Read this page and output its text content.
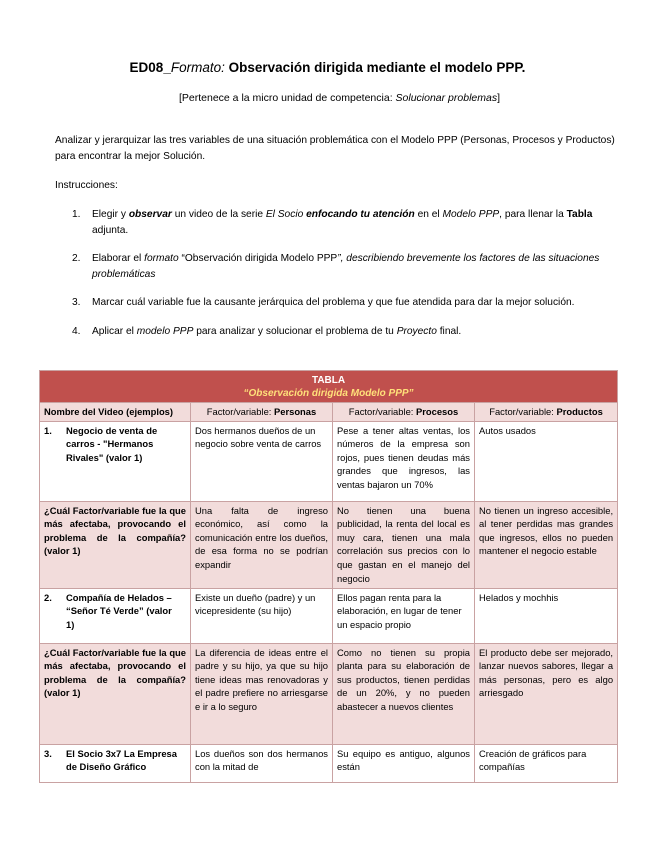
ED08_Formato: Observación dirigida mediante el modelo PPP.
[Pertenece a la micro unidad de competencia: Solucionar problemas]
Analizar y jerarquizar las tres variables de una situación problemática con el Modelo PPP (Personas, Procesos y Productos) para encontrar la mejor Solución.
Instrucciones:
1.	Elegir y observar un video de la serie El Socio enfocando tu atención en el Modelo PPP, para llenar la Tabla adjunta.
2.	Elaborar el formato “Observación dirigida Modelo PPP”, describiendo brevemente los factores de las situaciones problemáticas
3.	Marcar cuál variable fue la causante jerárquica del problema y que fue atendida para dar la mejor solución.
4.	Aplicar el modelo PPP para analizar y solucionar el problema de tu Proyecto final.
TABLA
“Observación dirigida Modelo PPP”			

Nombre del Video (ejemplos)	Factor/variable: Personas	Factor/variable: Procesos	Factor/variable: Productos
1. Negocio de venta de carros - "Hermanos Rivales" (valor 1)	Dos hermanos dueños de un negocio sobre venta de carros	Pese a tener altas ventas, los números de la empresa son rojos, pues tienen deudas más grandes que ingresos, las ventas bajaron un 70%	Autos usados
¿Cuál Factor/variable fue la que más afectaba, provocando el problema de la compañía? (valor 1)	Una falta de ingreso económico, así como la comunicación entre los dueños, de esa forma no se podrían expandir	No tienen una buena publicidad, la renta del local es muy cara, tienen una mala correlación sus precios con lo que gastan en el manejo del negocio	No tienen un ingreso accesible, al tener perdidas mas grandes que ingresos, ellos no pueden mantener el negocio estable
2. Compañía de Helados – “Señor Té Verde” (valor 1)	Existe un dueño (padre) y un vicepresidente (su hijo)	Ellos pagan renta para la elaboración, en lugar de tener un espacio propio	Helados y mochhis
¿Cuál Factor/variable fue la que más afectaba, provocando el problema de la compañía? (valor 1)	La diferencia de ideas entre el padre y su hijo, ya que su hijo tiene ideas mas renovadoras y el padre prefiere no arriesgarse e ir a lo seguro	Como no tienen su propia planta para su elaboración de sus productos, tienen perdidas de un 20%, y no pueden abastecer a nuevos clientes	El producto debe ser mejorado, lanzar nuevos sabores, llegar a más personas, pero es algo arriesgado
3. El Socio 3x7 La Empresa de Diseño Gráfico	Los dueños son dos hermanos con la mitad de	Su equipo es antiguo, algunos están	Creación de gráficos para compañías
